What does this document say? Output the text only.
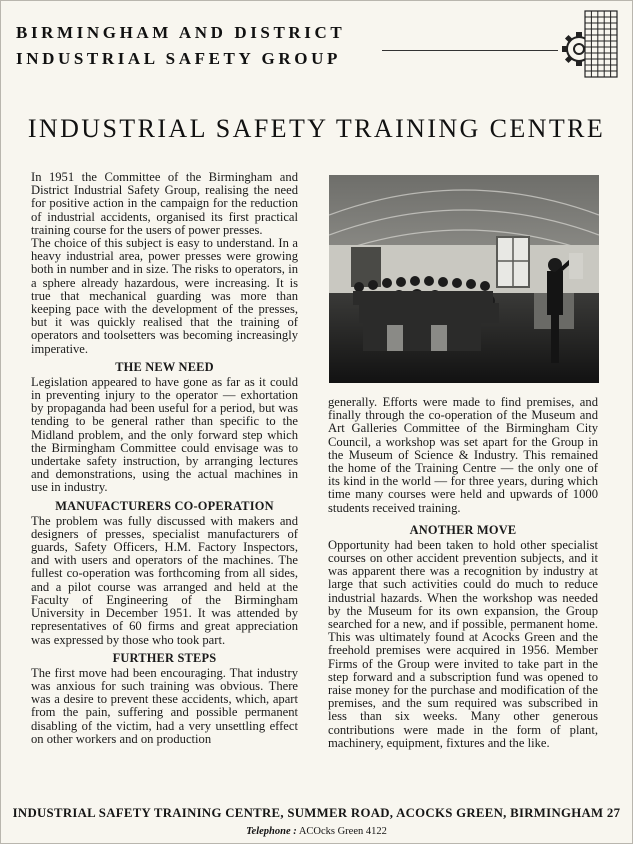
BIRMINGHAM AND DISTRICT
INDUSTRIAL SAFETY GROUP
INDUSTRIAL SAFETY TRAINING CENTRE

In 1951 the Committee of the Birmingham and District Industrial Safety Group, realising the need for positive action in the campaign for the reduction of industrial accidents, organised its first practical training course for the users of power presses.

The choice of this subject is easy to understand. In a heavy industrial area, power presses were growing both in number and in size. The risks to operators, in a sphere already hazardous, were increasing. It is true that mechanical guarding was more than keeping pace with the development of the presses, but it was quickly realised that the training of operators and toolsetters was becoming increasingly imperative.

THE NEW NEED

Legislation appeared to have gone as far as it could in preventing injury to the operator — exhortation by propaganda had been useful for a period, but was tending to be general rather than specific to the Midland problem, and the only forward step which the Birmingham Committee could envisage was to undertake safety instruction, by arranging lectures and demonstrations, using the actual machines in use in industry.

MANUFACTURERS CO-OPERATION

The problem was fully discussed with makers and designers of presses, specialist manufacturers of guards, Safety Officers, H.M. Factory Inspectors, and with users and operators of the machines. The fullest co-operation was forthcoming from all sides, and a pilot course was arranged and held at the Faculty of Engineering of the Birmingham University in December 1951. It was attended by representatives of 60 firms and great appreciation was expressed by those who took part.

FURTHER STEPS

The first move had been encouraging. That industry was anxious for such training was obvious. There was a desire to prevent these accidents, which, apart from the pain, suffering and possible permanent disabling of the victim, had a very unsettling effect on other workers and on production

generally. Efforts were made to find premises, and finally through the co-operation of the Museum and Art Galleries Committee of the Birmingham City Council, a workshop was set apart for the Group in the Museum of Science & Industry. This remained the home of the Training Centre — the only one of its kind in the world — for three years, during which time many courses were held and upwards of 1000 students received training.

ANOTHER MOVE

Opportunity had been taken to hold other specialist courses on other accident prevention subjects, and it was apparent there was a recognition by industry at large that such activities could do much to reduce industrial hazards. When the workshop was needed by the Museum for its own expansion, the Group searched for a new, and if possible, permanent home. This was ultimately found at Acocks Green and the freehold premises were acquired in 1956. Member Firms of the Group were invited to take part in the step forward and a subscription fund was opened to raise money for the purchase and modification of the premises, and the sum required was subscribed in less than six weeks. Many other generous contributions were made in the form of plant, machinery, equipment, fixtures and the like.

INDUSTRIAL SAFETY TRAINING CENTRE, SUMMER ROAD, ACOCKS GREEN, BIRMINGHAM 27
Telephone : ACOcks Green 4122
